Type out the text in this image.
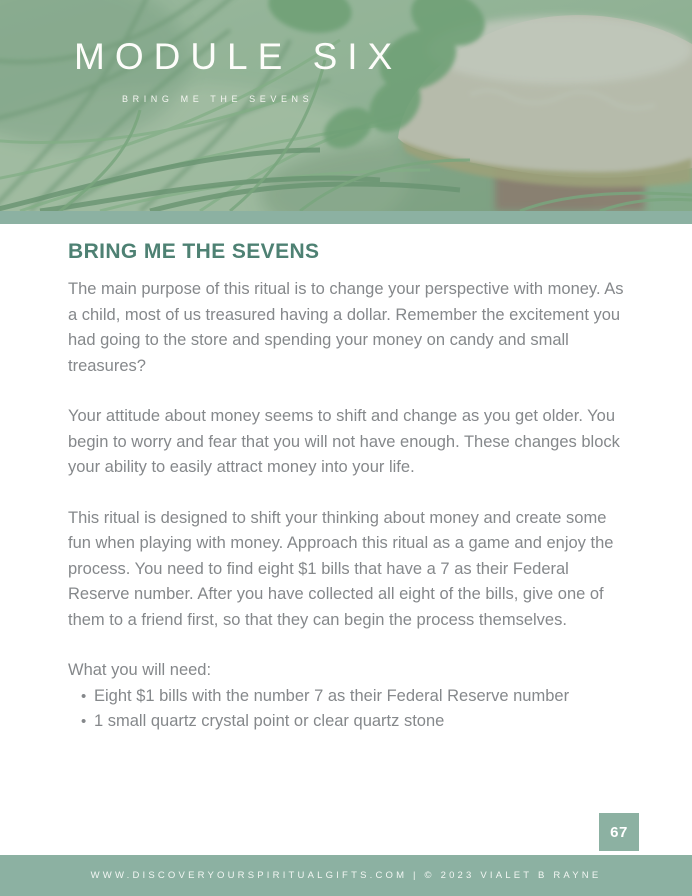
MODULE SIX
BRING ME THE SEVENS
BRING ME THE SEVENS

The main purpose of this ritual is to change your perspective with money. As a child, most of us treasured having a dollar. Remember the excitement you had going to the store and spending your money on candy and small treasures?

Your attitude about money seems to shift and change as you get older. You begin to worry and fear that you will not have enough. These changes block your ability to easily attract money into your life.

This ritual is designed to shift your thinking about money and create some fun when playing with money. Approach this ritual as a game and enjoy the process. You need to find eight $1 bills that have a 7 as their Federal Reserve number. After you have collected all eight of the bills, give one of them to a friend first, so that they can begin the process themselves.

What you will need:

• Eight $1 bills with the number 7 as their Federal Reserve number
• 1 small quartz crystal point or clear quartz stone
67
WWW.DISCOVERYOURSPIRITUALGIFTS.COM | © 2023 VIALET B RAYNE
